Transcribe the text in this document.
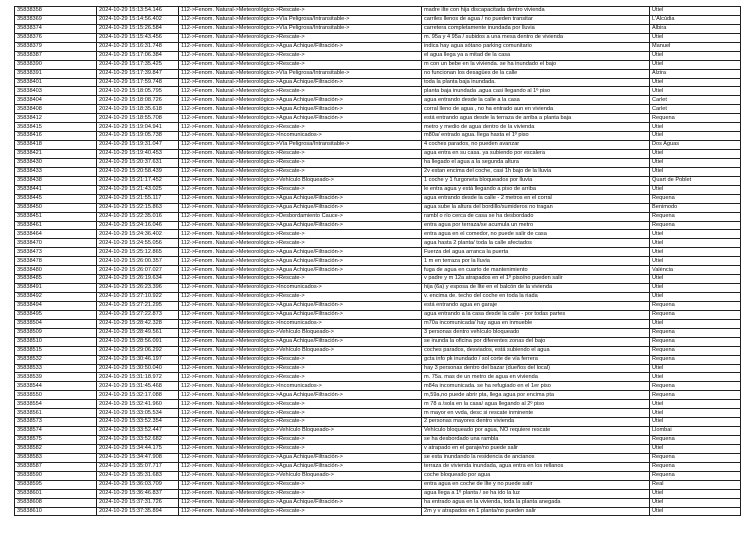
35838358	2024-10-29 15:13:54.146	112->Fenom. Natural->Meteorológico->Rescate->	madre ilte con hija discapacitada dentro vivienda	Utiel
35838369	2024-10-29 15:14:56.402	112->Fenom. Natural->Meteorológico->Vía Peligrosa/Intransitable->	carriles llenos de agua / no pueden transitar	L'Alcúdia
35838374	2024-10-29 15:15:26.584	112->Fenom. Natural->Meteorológico->Vía Peligrosa/Intransitable->	carretera completamente inundada por lluvia	Albira
35838376	2024-10-29 15:15:43.456	112->Fenom. Natural->Meteorológico->Rescate->	m. 95a y 4 95a / subidos a una mesa dentro de vivienda	Utiel
35838379	2024-10-29 15:16:31.748	112->Fenom. Natural->Meteorológico->Agua Achique/Filtración->	indica hay agua sótano parking comunitario	Manuel
35838387	2024-10-29 15:17:06.384	112->Fenom. Natural->Meteorológico->Rescate->	el agua llega ya a mitad de la casa	Utiel
35838390	2024-10-29 15:17:35.425	112->Fenom. Natural->Meteorológico->Rescate->	m con un bebe en la vivienda. se ha inundado el bajo	Utiel
35838391	2024-10-29 15:17:39.847	112->Fenom. Natural->Meteorológico->Vía Peligrosa/Intransitable->	no funcionan los desagües de la calle	Alzira
35838401	2024-10-29 15:17:59.748	112->Fenom. Natural->Meteorológico->Agua Achique/Filtración->	toda la planta baja inundada.	Utiel
35838403	2024-10-29 15:18:05.795	112->Fenom. Natural->Meteorológico->Rescate->	planta baja inundada .agua casi llegando al 1º piso	Utiel
35838404	2024-10-29 15:18:08.726	112->Fenom. Natural->Meteorológico->Agua Achique/Filtración->	agua entrando desde la calle a la casa	Carlet
35838408	2024-10-29 15:18:35.618	112->Fenom. Natural->Meteorológico->Agua Achique/Filtración->	corral lleno de agua , no ha entrado aun en vivienda	Carlet
35838412	2024-10-29 15:18:55.708	112->Fenom. Natural->Meteorológico->Agua Achique/Filtración->	está entrando agua desde la terraza de arriba a planta baja	Requena
35838415	2024-10-29 15:19:04.941	112->Fenom. Natural->Meteorológico->Rescate->	metro y medio de agua dentro de la vivienda	Utiel
35838416	2024-10-29 15:19:05.738	112->Fenom. Natural->Meteorológico->Incomunicados->	m80a/ entrado agua. llega hasta el 1º piso	Utiel
35838418	2024-10-29 15:19:31.047	112->Fenom. Natural->Meteorológico->Vía Peligrosa/Intransitable->	4 coches parados, no pueden avanzar	Dos Aguas
35838421	2024-10-29 15:19:40.453	112->Fenom. Natural->Meteorológico->Rescate->	agua entra en su casa. ya subiendo por escalera	Utiel
35838430	2024-10-29 15:20:37.631	112->Fenom. Natural->Meteorológico->Rescate->	ha llegado el agua a la segunda altura	Utiel
35838433	2024-10-29 15:20:58.439	112->Fenom. Natural->Meteorológico->Rescate->	2v estan encima del coche, casi 1h bajo de la lluvia	Utiel
35838438	2024-10-29 15:21:17.452	112->Fenom. Natural->Meteorológico->Vehículo Bloqueado->	1 coche y 1 furgoneta bloqueados por lluvia	Quart de Poblet
35838441	2024-10-29 15:21:43.025	112->Fenom. Natural->Meteorológico->Rescate->	le entra agua y está llegando a piso de arriba	Utiel
35838445	2024-10-29 15:21:55.117	112->Fenom. Natural->Meteorológico->Agua Achique/Filtración->	agua entrando desde la calle - 2 metros en el corral	Requena
35838450	2024-10-29 15:22:15.863	112->Fenom. Natural->Meteorológico->Agua Achique/Filtración->	agua sube la altura del bordillo/sumideros no tragan	Benimodo
35838451	2024-10-29 15:22:35.016	112->Fenom. Natural->Meteorológico->Desbordamiento Cauce->	rambl o río cerca de casa se ha desbordado	Requena
35838461	2024-10-29 15:24:16.046	112->Fenom. Natural->Meteorológico->Agua Achique/Filtración->	entra agua por terraza/se acumula un metro	Requena
35838464	2024-10-29 15:24:36.402	112->Fenom. Natural->Meteorológico->Rescate->	entra agua en el comedor, no puede salir de casa	Utiel
35838470	2024-10-29 15:24:55.056	112->Fenom. Natural->Meteorológico->Rescate->	agua hasta 2 planta/ toda la calle afectados	Utiel
35838473	2024-10-29 15:25:12.865	112->Fenom. Natural->Meteorológico->Agua Achique/Filtración->	Fuerza del agua arranca la puerta	Utiel
35838478	2024-10-29 15:26:00.357	112->Fenom. Natural->Meteorológico->Agua Achique/Filtración->	1 m en terraza por la lluvia	Utiel
35838480	2024-10-29 15:26:07.027	112->Fenom. Natural->Meteorológico->Agua Achique/Filtración->	fuga de agua en cuarto de mantenimiento	València
35838485	2024-10-29 15:26:19.634	112->Fenom. Natural->Meteorológico->Rescate->	v padre y m 12a atrapados en el 1º piso/no pueden salir	Utiel
35838491	2024-10-29 15:26:23.396	112->Fenom. Natural->Meteorológico->Incomunicados->	hija (6a) y esposa de llte en el balcón de la vivienda	Utiel
35838492	2024-10-29 15:27:10.922	112->Fenom. Natural->Meteorológico->Rescate->	v. encima de. techo del coche en toda la riada	Utiel
35838494	2024-10-29 15:27:21.295	112->Fenom. Natural->Meteorológico->Agua Achique/Filtración->	está entrando agua en garaje	Requena
35838495	2024-10-29 15:27:22.873	112->Fenom. Natural->Meteorológico->Agua Achique/Filtración->	agua entrando a la casa desde la calle - por todas partes	Requena
35838504	2024-10-29 15:28:42.328	112->Fenom. Natural->Meteorológico->Incomunicados->	m70a incomunicada/ hay agua en inmueble	Utiel
35838509	2024-10-29 15:28:49.561	112->Fenom. Natural->Meteorológico->Vehículo Bloqueado->	3 personas dentro vehículo bloqueado	Requena
35838510	2024-10-29 15:28:56.091	112->Fenom. Natural->Meteorológico->Agua Achique/Filtración->	se inunda la oficina por diferentes zonas del bajo	Requena
35838515	2024-10-29 15:29:06.292	112->Fenom. Natural->Meteorológico->Vehículo Bloqueado->	coches parados, desviados, está subiendo el agua	Requena
35838532	2024-10-29 15:30:46.197	112->Fenom. Natural->Meteorológico->Rescate->	gcta info pk inundado / sol corte de vía ferrera	Requena
35838533	2024-10-29 15:30:50.040	112->Fenom. Natural->Meteorológico->Rescate->	hay 3 personas dentro del bazar (dueños del local)	Utiel
35838539	2024-10-29 15:31:18.972	112->Fenom. Natural->Meteorológico->Rescate->	m. 75a. mas de un metro de agua en vivienda	Utiel
35838544	2024-10-29 15:31:45.468	112->Fenom. Natural->Meteorológico->Incomunicados->	m84a incomunicada. se ha refugiado en el 1er piso	Requena
35838550	2024-10-29 15:32:17.088	112->Fenom. Natural->Meteorológico->Agua Achique/Filtración->	m,59a,no puede abrir pta, llega agua por encima pta	Requena
35838554	2024-10-29 15:32:41.960	112->Fenom. Natural->Meteorológico->Rescate->	m 78 a /sola en la casa/ agua llegando al 2º piso	Utiel
35838561	2024-10-29 15:33:05.534	112->Fenom. Natural->Meteorológico->Rescate->	m mayor en vvda, desc si rescate inminente	Utiel
35838573	2024-10-29 15:33:52.354	112->Fenom. Natural->Meteorológico->Rescate->	2 personas mayores dentro vivienda	Utiel
35838574	2024-10-29 15:33:52.447	112->Fenom. Natural->Meteorológico->Vehículo Bloqueado->	Vehículo bloqueado por agua, NO requiere rescate	Llombai
35838575	2024-10-29 15:33:52.682	112->Fenom. Natural->Meteorológico->Rescate->	se ha desbordado una rambla	Requena
35838582	2024-10-29 15:34:44.175	112->Fenom. Natural->Meteorológico->Rescate->	v atrapado en el garaje/no puede salir	Utiel
35838583	2024-10-29 15:34:47.908	112->Fenom. Natural->Meteorológico->Agua Achique/Filtración->	se esta inundando la residencia de ancianos	Requena
35838587	2024-10-29 15:35:07.717	112->Fenom. Natural->Meteorológico->Agua Achique/Filtración->	terraza de vivienda inundada, agua entra en los rellanos	Requena
35838590	2024-10-29 15:35:31.683	112->Fenom. Natural->Meteorológico->Vehículo Bloqueado->	coche bloqueado por agua	Requena
35838595	2024-10-29 15:36:03.709	112->Fenom. Natural->Meteorológico->Rescate->	entra agua en coche de llte y no puede salir	Real
35838601	2024-10-29 15:36:46.837	112->Fenom. Natural->Meteorológico->Rescate->	agua llega a 1º planta / se ha ido la luz	Utiel
35838608	2024-10-29 15:37:31.726	112->Fenom. Natural->Meteorológico->Agua Achique/Filtración->	ha entrado agua en la vivienda, toda la planta anegada	Utiel
35838610	2024-10-29 15:37:35.894	112->Fenom. Natural->Meteorológico->Rescate->	2m y v atrapados en 1 planta/no pueden salir	Utiel
